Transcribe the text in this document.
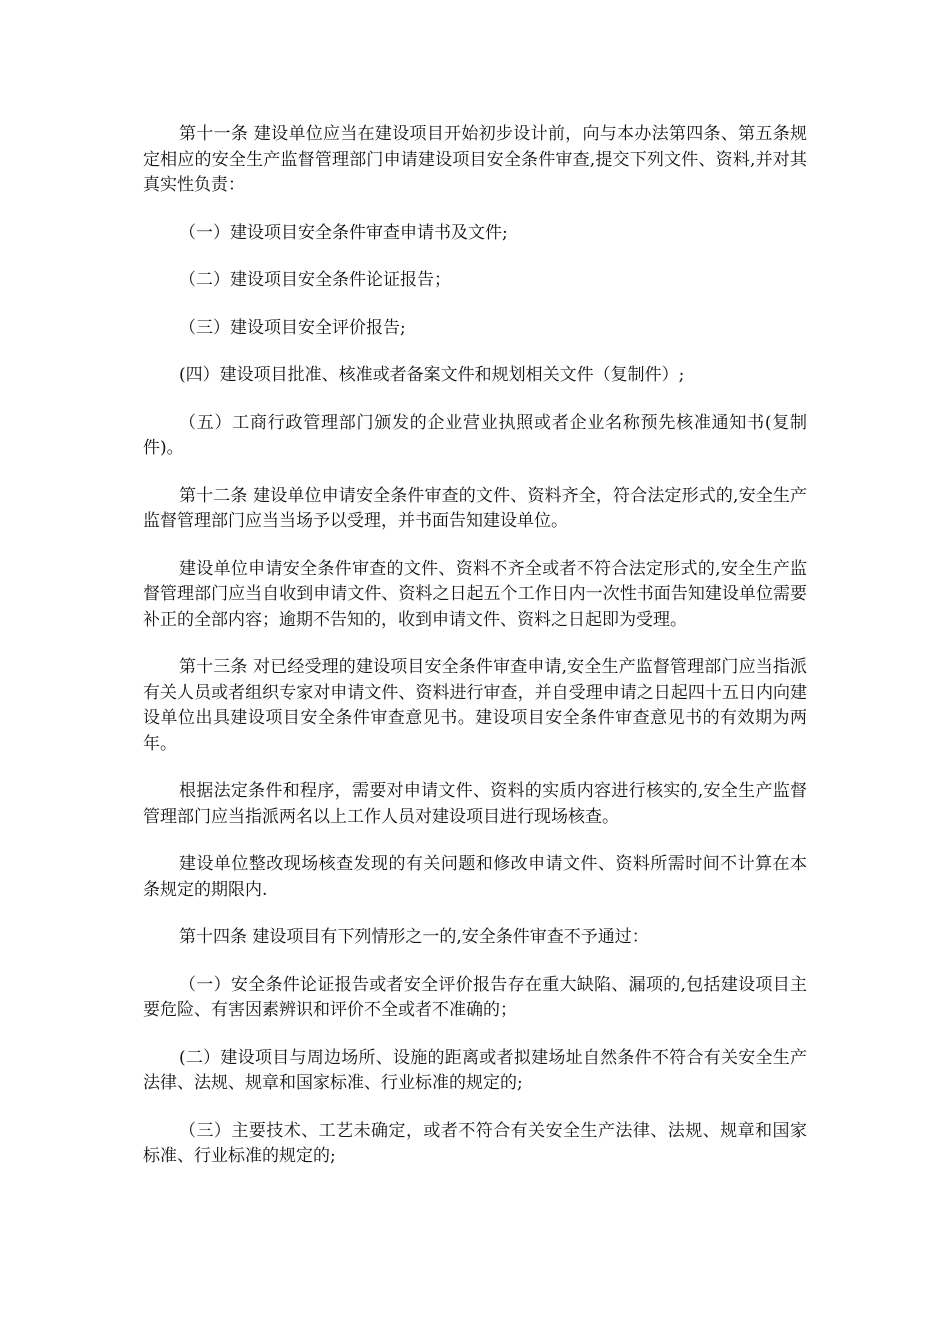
第十一条 建设单位应当在建设项目开始初步设计前，向与本办法第四条、第五条规定相应的安全生产监督管理部门申请建设项目安全条件审查,提交下列文件、资料,并对其真实性负责：

（一）建设项目安全条件审查申请书及文件;

（二）建设项目安全条件论证报告；

（三）建设项目安全评价报告;

(四）建设项目批准、核准或者备案文件和规划相关文件（复制件）;

（五）工商行政管理部门颁发的企业营业执照或者企业名称预先核准通知书(复制件)。

第十二条 建设单位申请安全条件审查的文件、资料齐全，符合法定形式的,安全生产监督管理部门应当当场予以受理，并书面告知建设单位。

建设单位申请安全条件审查的文件、资料不齐全或者不符合法定形式的,安全生产监督管理部门应当自收到申请文件、资料之日起五个工作日内一次性书面告知建设单位需要补正的全部内容；逾期不告知的，收到申请文件、资料之日起即为受理。

第十三条 对已经受理的建设项目安全条件审查申请,安全生产监督管理部门应当指派有关人员或者组织专家对申请文件、资料进行审查，并自受理申请之日起四十五日内向建设单位出具建设项目安全条件审查意见书。建设项目安全条件审查意见书的有效期为两年。

根据法定条件和程序，需要对申请文件、资料的实质内容进行核实的,安全生产监督管理部门应当指派两名以上工作人员对建设项目进行现场核查。

建设单位整改现场核查发现的有关问题和修改申请文件、资料所需时间不计算在本条规定的期限内.

第十四条 建设项目有下列情形之一的,安全条件审查不予通过：

（一）安全条件论证报告或者安全评价报告存在重大缺陷、漏项的,包括建设项目主要危险、有害因素辨识和评价不全或者不准确的；

(二）建设项目与周边场所、设施的距离或者拟建场址自然条件不符合有关安全生产法律、法规、规章和国家标准、行业标准的规定的;

（三）主要技术、工艺未确定，或者不符合有关安全生产法律、法规、规章和国家标准、行业标准的规定的;
